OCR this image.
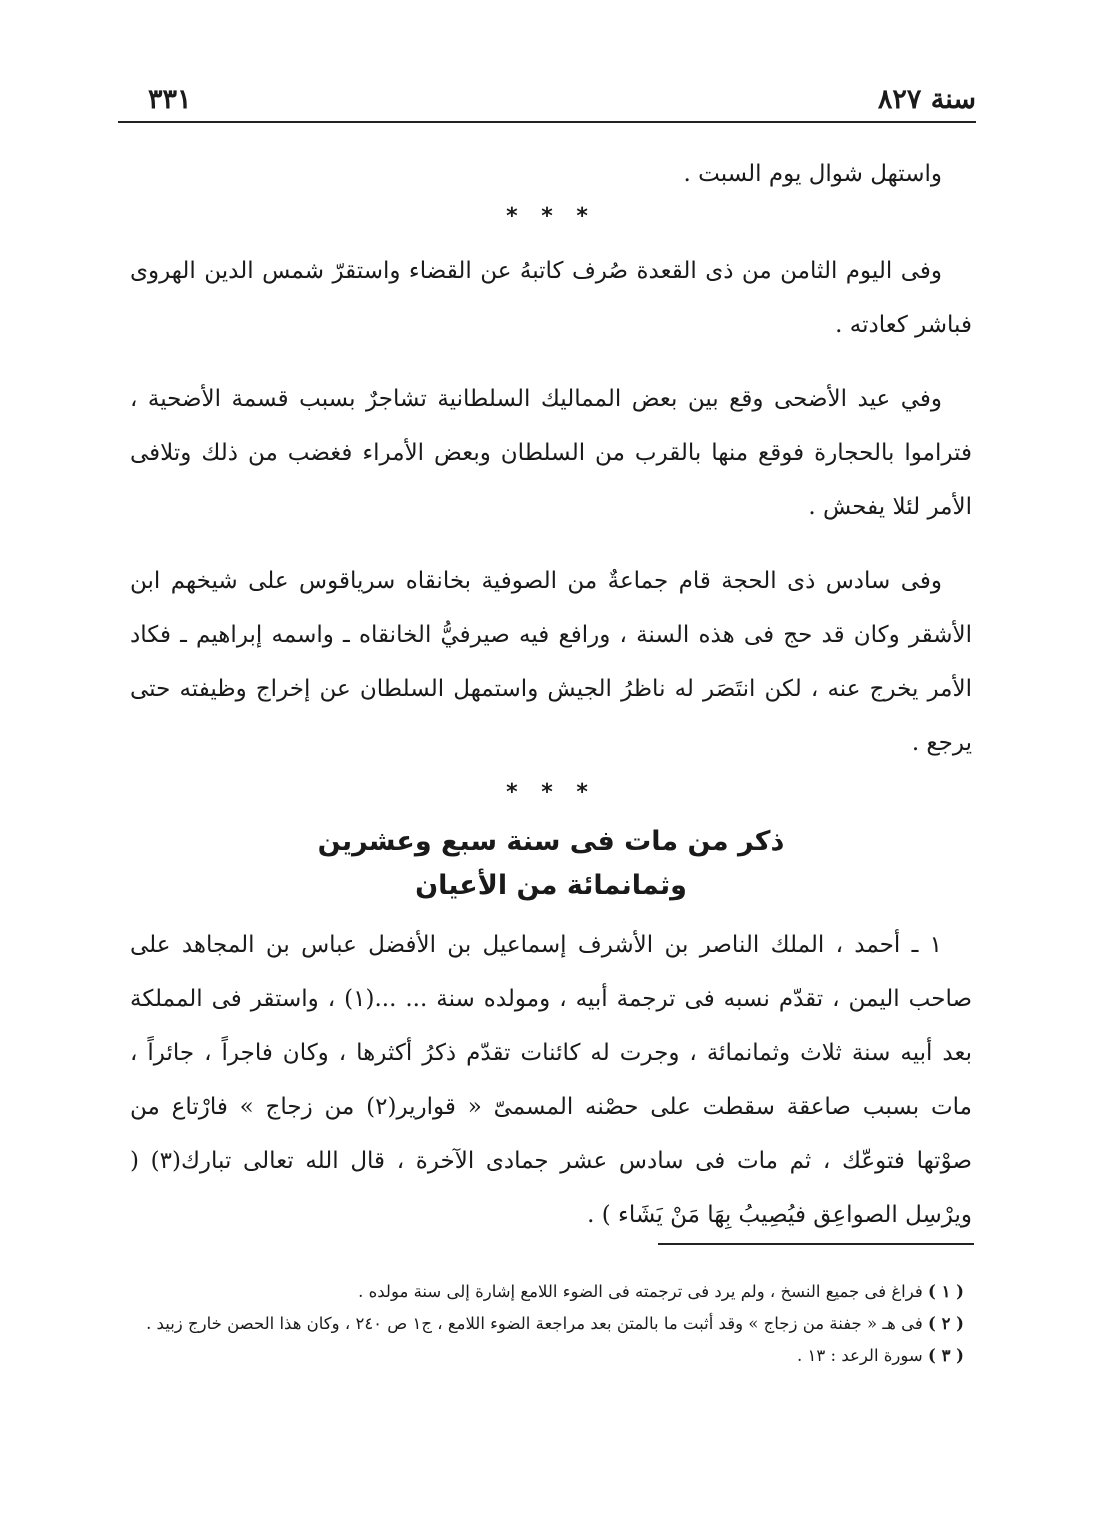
سنة ٨٢٧
٣٣١

واستهل شوال يوم السبت .

* * *

وفى اليوم الثامن من ذى القعدة صُرف كاتبهُ عن القضاء واستقرّ شمس الدين الهروى فباشر كعادته .

وفي عيد الأضحى وقع بين بعض المماليك السلطانية تشاجرٌ بسبب قسمة الأضحية ، فتراموا بالحجارة فوقع منها بالقرب من السلطان وبعض الأمراء فغضب من ذلك وتلافى الأمر لئلا يفحش .

وفى سادس ذى الحجة قام جماعةٌ من الصوفية بخانقاه سرياقوس على شيخهم ابن الأشقر وكان قد حج فى هذه السنة ، ورافع فيه صيرفيُّ الخانقاه ـ واسمه إبراهيم ـ فكاد الأمر يخرج عنه ، لكن انتَصَر له ناظرُ الجيش واستمهل السلطان عن إخراج وظيفته حتى يرجع .

* * *
ذكر من مات فى سنة سبع وعشرين
وثمانمائة من الأعيان

١ ـ أحمد ، الملك الناصر بن الأشرف إسماعيل بن الأفضل عباس بن المجاهد على صاحب اليمن ، تقدّم نسبه فى ترجمة أبيه ، ومولده سنة ... ...(١) ، واستقر فى المملكة بعد أبيه سنة ثلاث وثمانمائة ، وجرت له كائنات تقدّم ذكرُ أكثرها ، وكان فاجراً ، جائراً ، مات بسبب صاعقة سقطت على حصْنه المسمىّ « قوارير(٢) من زجاج » فارْتاع من صوْتها فتوعّك ، ثم مات فى سادس عشر جمادى الآخرة ، قال الله تعالى تبارك(٣) ( ويرْسِل الصواعِق فيُصِيبُ بِهَا مَنْ يَشَاء ) .

( ١ ) فراغ فى جميع النسخ ، ولم يرد فى ترجمته فى الضوء اللامع إشارة إلى سنة مولده .

( ٢ ) فى هـ « جفنة من زجاج » وقد أثبت ما بالمتن بعد مراجعة الضوء اللامع ، ج١ ص ٢٤٠ ، وكان هذا الحصن خارج زبيد .

( ٣ ) سورة الرعد : ١٣ .
